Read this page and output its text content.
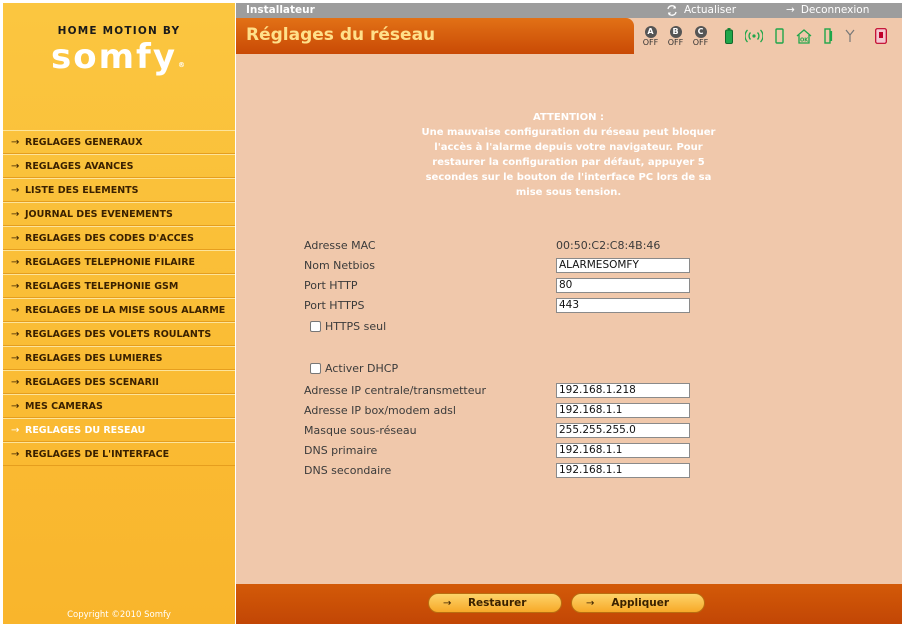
HOME MOTION BY
somfy®
→ REGLAGES GENERAUX
→ REGLAGES AVANCES
→ LISTE DES ELEMENTS
→ JOURNAL DES EVENEMENTS
→ REGLAGES DES CODES D'ACCES
→ REGLAGES TELEPHONIE FILAIRE
→ REGLAGES TELEPHONIE GSM
→ REGLAGES DE LA MISE SOUS ALARME
→ REGLAGES DES VOLETS ROULANTS
→ REGLAGES DES LUMIERES
→ REGLAGES DES SCENARII
→ MES CAMERAS
→ REGLAGES DU RESEAU
→ REGLAGES DE L'INTERFACE
Copyright ©2010 Somfy
Installateur	Actualiser	→ Deconnexion
Réglages du réseau	A
OFF
B
OFF
C
OFF	OK
ATTENTION :
Une mauvaise configuration du réseau peut bloquer
l'accès à l'alarme depuis votre navigateur. Pour
restaurer la configuration par défaut, appuyer 5
secondes sur le bouton de l'interface PC lors de sa
mise sous tension.
Adresse MAC	00:50:C2:C8:4B:46
Nom Netbios	ALARMESOMFY
Port HTTP	80
Port HTTPS	443
HTTPS seul
Activer DHCP
Adresse IP centrale/transmetteur	192.168.1.218
Adresse IP box/modem adsl	192.168.1.1
Masque sous-réseau	255.255.255.0
DNS primaire	192.168.1.1
DNS secondaire	192.168.1.1
→	Restaurer	→	Appliquer
